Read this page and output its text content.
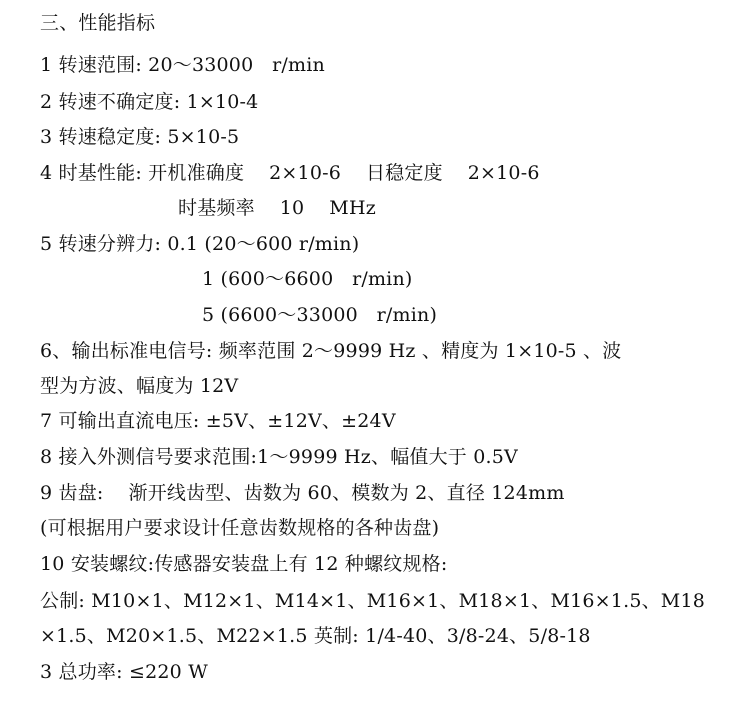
三、性能指标
1 转速范围: 20～33000   r/min
2 转速不确定度: 1×10-4
3 转速稳定度: 5×10-5
4 时基性能: 开机准确度    2×10-6    日稳定度    2×10-6
时基频率    10    MHz
5 转速分辨力: 0.1 (20～600 r/min)
1 (600～6600   r/min)
5 (6600～33000   r/min)
6、输出标准电信号: 频率范围 2～9999 Hz 、精度为 1×10-5 、波
型为方波、幅度为 12V
7 可输出直流电压: ±5V、±12V、±24V
8 接入外测信号要求范围:1～9999 Hz、幅值大于 0.5V
9 齿盘:    渐开线齿型、齿数为 60、模数为 2、直径 124mm
(可根据用户要求设计任意齿数规格的各种齿盘)
10 安装螺纹:传感器安装盘上有 12 种螺纹规格:
公制: M10×1、M12×1、M14×1、M16×1、M18×1、M16×1.5、M18
×1.5、M20×1.5、M22×1.5 英制: 1/4-40、3/8-24、5/8-18
3 总功率: ≤220 W
